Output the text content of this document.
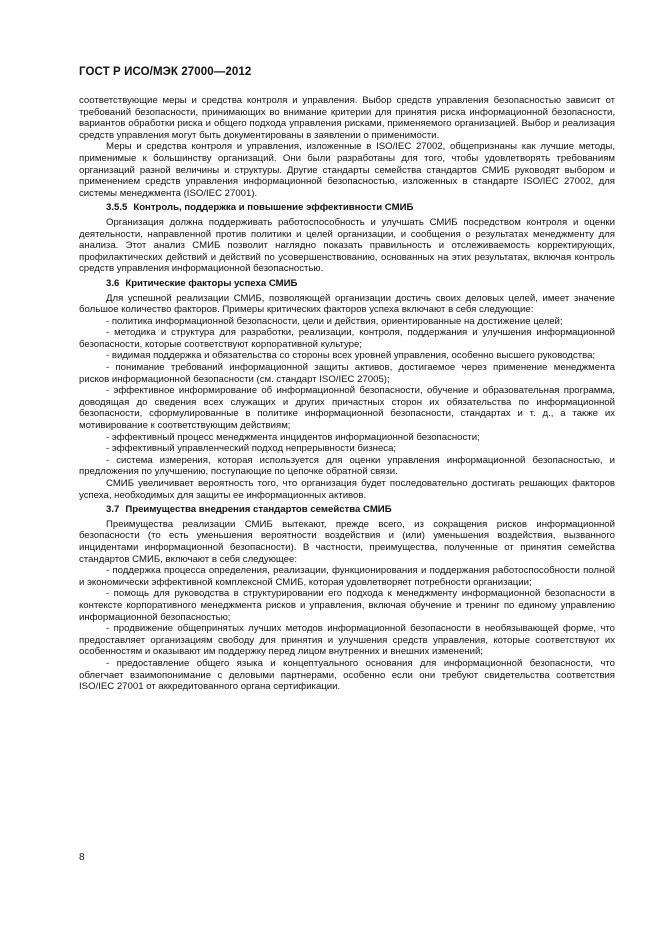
ГОСТ Р ИСО/МЭК 27000—2012

соответствующие меры и средства контроля и управления. Выбор средств управления безопасностью зависит от требований безопасности, принимающих во внимание критерии для принятия риска информационной безопасности, вариантов обработки риска и общего подхода управления рисками, применяемого организацией. Выбор и реализация средств управления могут быть документированы в заявлении о применимости.

Меры и средства контроля и управления, изложенные в ISO/IEC 27002, общепризнаны как лучшие методы, применимые к большинству организаций. Они были разработаны для того, чтобы удовлетворять требованиям организаций разной величины и структуры. Другие стандарты семейства стандартов СМИБ руководят выбором и применением средств управления информационной безопасностью, изложенных в стандарте ISO/IEC 27002, для системы менеджмента (ISO/IEC 27001).

3.5.5 Контроль, поддержка и повышение эффективности СМИБ

Организация должна поддерживать работоспособность и улучшать СМИБ посредством контроля и оценки деятельности, направленной против политики и целей организации, и сообщения о результатах менеджменту для анализа. Этот анализ СМИБ позволит наглядно показать правильность и отслеживаемость корректирующих, профилактических действий и действий по усовершенствованию, основанных на этих результатах, включая контроль средств управления информационной безопасностью.

3.6 Критические факторы успеха СМИБ

Для успешной реализации СМИБ, позволяющей организации достичь своих деловых целей, имеет значение большое количество факторов. Примеры критических факторов успеха включают в себя следующие:

- политика информационной безопасности, цели и действия, ориентированные на достижение целей;

- методика и структура для разработки, реализации, контроля, поддержания и улучшения информационной безопасности, которые соответствуют корпоративной культуре;

- видимая поддержка и обязательства со стороны всех уровней управления, особенно высшего руководства;

- понимание требований информационной защиты активов, достигаемое через применение менеджмента рисков информационной безопасности (см. стандарт ISO/IEC 27005);

- эффективное информирование об информационной безопасности, обучение и образовательная программа, доводящая до сведения всех служащих и других причастных сторон их обязательства по информационной безопасности, сформулированные в политике информационной безопасности, стандартах и т. д., а также их мотивирование к соответствующим действиям;

- эффективный процесс менеджмента инцидентов информационной безопасности;

- эффективный управленческий подход непрерывности бизнеса;

- система измерения, которая используется для оценки управления информационной безопасностью, и предложения по улучшению, поступающие по цепочке обратной связи.

СМИБ увеличивает вероятность того, что организация будет последовательно достигать решающих факторов успеха, необходимых для защиты ее информационных активов.

3.7 Преимущества внедрения стандартов семейства СМИБ

Преимущества реализации СМИБ вытекают, прежде всего, из сокращения рисков информационной безопасности (то есть уменьшения вероятности воздействия и (или) уменьшения воздействия, вызванного инцидентами информационной безопасности). В частности, преимущества, полученные от принятия семейства стандартов СМИБ, включают в себя следующее:

- поддержка процесса определения, реализации, функционирования и поддержания работоспособности полной и экономически эффективной комплексной СМИБ, которая удовлетворяет потребности организации;

- помощь для руководства в структурировании его подхода к менеджменту информационной безопасности в контексте корпоративного менеджмента рисков и управления, включая обучение и тренинг по единому управлению информационной безопасностью;

- продвижение общепринятых лучших методов информационной безопасности в необязывающей форме, что предоставляет организациям свободу для принятия и улучшения средств управления, которые соответствуют их особенностям и оказывают им поддержку перед лицом внутренних и внешних изменений;

- предоставление общего языка и концептуального основания для информационной безопасности, что облегчает взаимопонимание с деловыми партнерами, особенно если они требуют свидетельства соответствия ISO/IEC 27001 от аккредитованного органа сертификации.

8
